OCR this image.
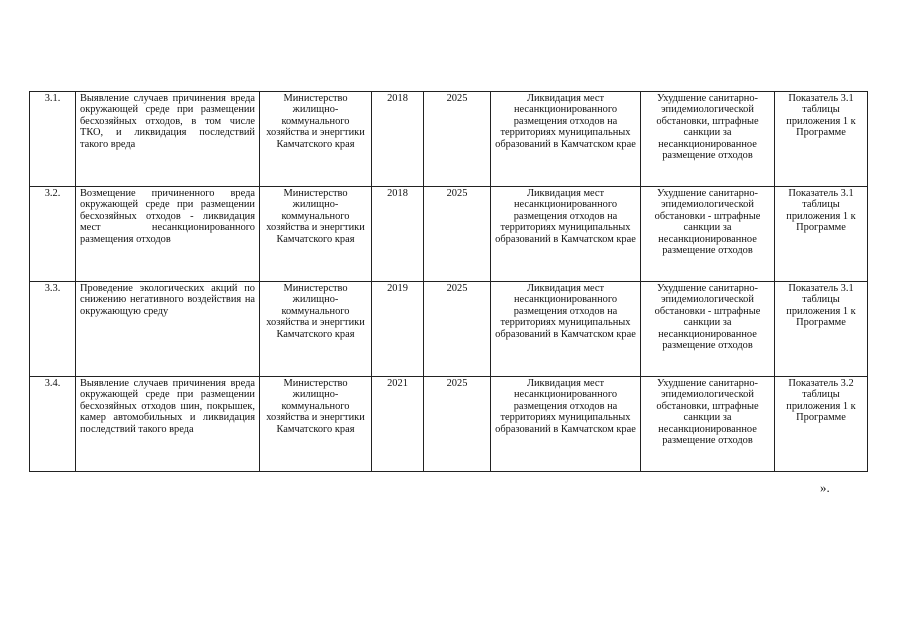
3.1.	Выявление случаев причинения вреда окружающей среде при размещении бесхозяйных отходов, в том числе ТКО, и ликвидация последствий такого вреда	Министерство жилищно-коммунального хозяйства и энергтики Камчатского края	2018	2025	Ликвидация мест несанкционированного размещения отходов на территориях муниципальных образований в Камчатском крае	Ухудшение санитарно-эпидемиологической обстановки, штрафные санкции за несанкционированное размещение отходов	Показатель 3.1 таблицы приложения 1 к Программе
3.2.	Возмещение причиненного вреда окружающей среде при размещении бесхозяйных отходов - ликвидация мест несанкционированного размещения отходов	Министерство жилищно-коммунального хозяйства и энергтики Камчатского края	2018	2025	Ликвидация мест несанкционированного размещения отходов на территориях муниципальных образований в Камчатском крае	Ухудшение санитарно-эпидемиологической обстановки - штрафные санкции за несанкционированное размещение отходов	Показатель 3.1 таблицы приложения 1 к Программе
3.3.	Проведение экологических акций по снижению негативного воздействия на окружающую среду	Министерство жилищно-коммунального хозяйства и энергтики Камчатского края	2019	2025	Ликвидация мест несанкционированного размещения отходов на территориях муниципальных образований в Камчатском крае	Ухудшение санитарно-эпидемиологической обстановки - штрафные санкции за несанкционированное размещение отходов	Показатель 3.1 таблицы приложения 1 к Программе
3.4.	Выявление случаев причинения вреда окружающей среде при размещении бесхозяйных отходов шин, покрышек, камер автомобильных и ликвидация последствий такого вреда	Министерство жилищно-коммунального хозяйства и энергтики Камчатского края	2021	2025	Ликвидация мест несанкционированного размещения отходов на территориях муниципальных образований в Камчатском крае	Ухудшение санитарно-эпидемиологической обстановки, штрафные санкции за несанкционированное размещение отходов	Показатель 3.2 таблицы приложения 1 к Программе
».
